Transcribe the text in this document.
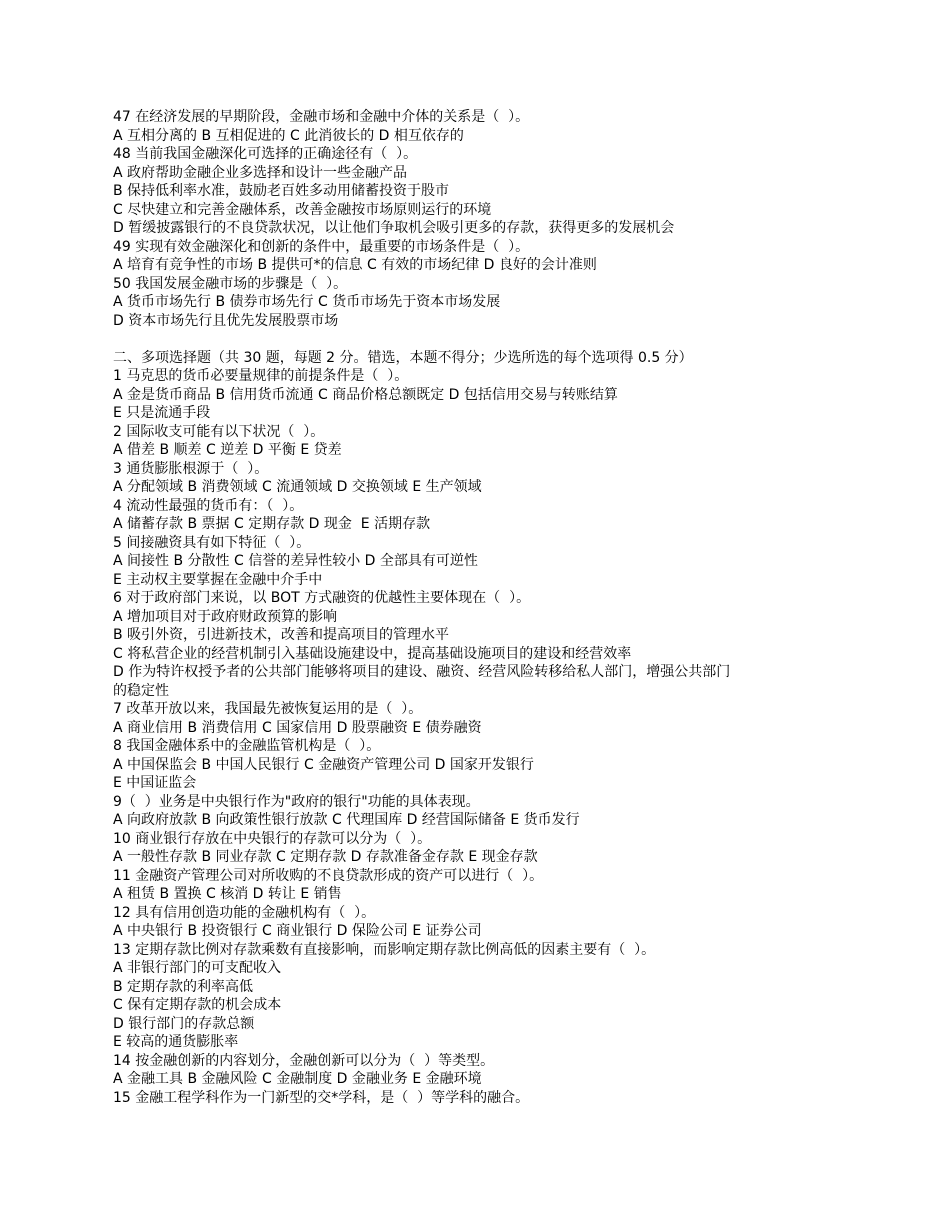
47 在经济发展的早期阶段，金融市场和金融中介体的关系是（  ）。
A 互相分离的 B 互相促进的 C 此消彼长的 D 相互依存的
48 当前我国金融深化可选择的正确途径有（  ）。
A 政府帮助金融企业多选择和设计一些金融产品
B 保持低利率水准，鼓励老百姓多动用储蓄投资于股市
C 尽快建立和完善金融体系，改善金融按市场原则运行的环境
D 暂缓披露银行的不良贷款状况，以让他们争取机会吸引更多的存款，获得更多的发展机会
49 实现有效金融深化和创新的条件中，最重要的市场条件是（  ）。
A 培育有竞争性的市场 B 提供可*的信息 C 有效的市场纪律 D 良好的会计准则
50 我国发展金融市场的步骤是（  ）。
A 货币市场先行 B 债券市场先行 C 货币市场先于资本市场发展
D 资本市场先行且优先发展股票市场
二、多项选择题（共 30 题，每题 2 分。错选，本题不得分；少选所选的每个选项得 0.5 分）
1 马克思的货币必要量规律的前提条件是（  ）。
A 金是货币商品 B 信用货币流通 C 商品价格总额既定 D 包括信用交易与转账结算
E 只是流通手段
2 国际收支可能有以下状况（  ）。
A 借差 B 顺差 C 逆差 D 平衡 E 贷差
3 通货膨胀根源于（  ）。
A 分配领域 B 消费领域 C 流通领域 D 交换领域 E 生产领域
4 流动性最强的货币有：（  ）。
A 储蓄存款 B 票据 C 定期存款 D 现金  E 活期存款
5 间接融资具有如下特征（  ）。
A 间接性 B 分散性 C 信誉的差异性较小 D 全部具有可逆性
E 主动权主要掌握在金融中介手中
6 对于政府部门来说，以 BOT 方式融资的优越性主要体现在（  ）。
A 增加项目对于政府财政预算的影响
B 吸引外资，引进新技术，改善和提高项目的管理水平
C 将私营企业的经营机制引入基础设施建设中，提高基础设施项目的建设和经营效率
D 作为特许权授予者的公共部门能够将项目的建设、融资、经营风险转移给私人部门，增强公共部门
的稳定性
7 改革开放以来，我国最先被恢复运用的是（  ）。
A 商业信用 B 消费信用 C 国家信用 D 股票融资 E 债券融资
8 我国金融体系中的金融监管机构是（  ）。
A 中国保监会 B 中国人民银行 C 金融资产管理公司 D 国家开发银行
E 中国证监会
9（  ）业务是中央银行作为"政府的银行"功能的具体表现。
A 向政府放款 B 向政策性银行放款 C 代理国库 D 经营国际储备 E 货币发行
10 商业银行存放在中央银行的存款可以分为（  ）。
A 一般性存款 B 同业存款 C 定期存款 D 存款准备金存款 E 现金存款
11 金融资产管理公司对所收购的不良贷款形成的资产可以进行（  ）。
A 租赁 B 置换 C 核消 D 转让 E 销售
12 具有信用创造功能的金融机构有（  ）。
A 中央银行 B 投资银行 C 商业银行 D 保险公司 E 证券公司
13 定期存款比例对存款乘数有直接影响，而影响定期存款比例高低的因素主要有（  ）。
A 非银行部门的可支配收入
B 定期存款的利率高低
C 保有定期存款的机会成本
D 银行部门的存款总额
E 较高的通货膨胀率
14 按金融创新的内容划分，金融创新可以分为（  ）等类型。
A 金融工具 B 金融风险 C 金融制度 D 金融业务 E 金融环境
15 金融工程学科作为一门新型的交*学科，是（  ）等学科的融合。
